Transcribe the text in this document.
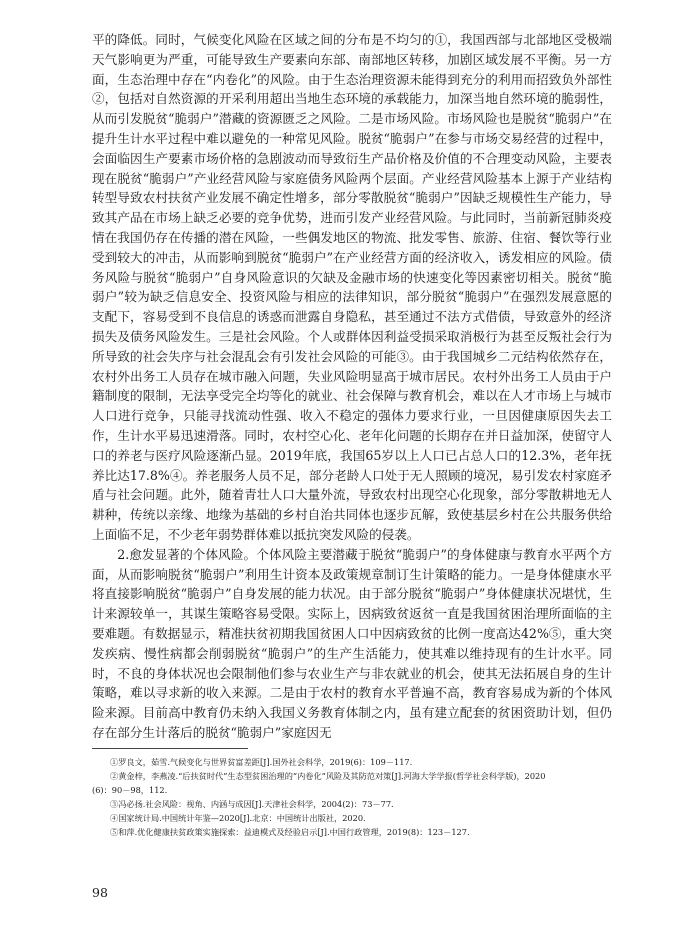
平的降低。同时，气候变化风险在区域之间的分布是不均匀的①，我国西部与北部地区受极端天气影响更为严重，可能导致生产要素向东部、南部地区转移，加剧区域发展不平衡。另一方面，生态治理中存在“内卷化”的风险。由于生态治理资源未能得到充分的利用而招致负外部性②，包括对自然资源的开采利用超出当地生态环境的承载能力，加深当地自然环境的脆弱性，从而引发脱贫“脆弱户”潜藏的资源匮乏之风险。二是市场风险。市场风险也是脱贫“脆弱户”在提升生计水平过程中难以避免的一种常见风险。脱贫“脆弱户”在参与市场交易经营的过程中，会面临因生产要素市场价格的急剧波动而导致衍生产品价格及价值的不合理变动风险，主要表现在脱贫“脆弱户”产业经营风险与家庭债务风险两个层面。产业经营风险基本上源于产业结构转型导致农村扶贫产业发展不确定性增多，部分零散脱贫“脆弱户”因缺乏规模性生产能力，导致其产品在市场上缺乏必要的竞争优势，进而引发产业经营风险。与此同时，当前新冠肺炎疫情在我国仍存在传播的潜在风险，一些偶发地区的物流、批发零售、旅游、住宿、餐饮等行业受到较大的冲击，从而影响到脱贫“脆弱户”在产业经营方面的经济收入，诱发相应的风险。债务风险与脱贫“脆弱户”自身风险意识的欠缺及金融市场的快速变化等因素密切相关。脱贫“脆弱户”较为缺乏信息安全、投资风险与相应的法律知识，部分脱贫“脆弱户”在强烈发展意愿的支配下，容易受到不良信息的诱惑而泄露自身隐私，甚至通过不法方式借债，导致意外的经济损失及债务风险发生。三是社会风险。个人或群体因利益受损采取消极行为甚至反叛社会行为所导致的社会失序与社会混乱会有引发社会风险的可能③。由于我国城乡二元结构依然存在，农村外出务工人员存在城市融入问题，失业风险明显高于城市居民。农村外出务工人员由于户籍制度的限制，无法享受完全均等化的就业、社会保障与教育机会，难以在人才市场上与城市人口进行竞争，只能寻找流动性强、收入不稳定的强体力要求行业，一旦因健康原因失去工作，生计水平易迅速滑落。同时，农村空心化、老年化问题的长期存在并日益加深，使留守人口的养老与医疗风险逐渐凸显。2019年底，我国65岁以上人口已占总人口的12.3%，老年抚养比达17.8%④。养老服务人员不足，部分老龄人口处于无人照顾的境况，易引发农村家庭矛盾与社会问题。此外，随着青壮人口大量外流，导致农村出现空心化现象，部分零散耕地无人耕种，传统以亲缘、地缘为基础的乡村自治共同体也逐步瓦解，致使基层乡村在公共服务供给上面临不足，不少老年弱势群体难以抵抗突发风险的侵袭。

2.愈发显著的个体风险。个体风险主要潜藏于脱贫“脆弱户”的身体健康与教育水平两个方面，从而影响脱贫“脆弱户”利用生计资本及政策规章制订生计策略的能力。一是身体健康水平将直接影响脱贫“脆弱户”自身发展的能力状况。由于部分脱贫“脆弱户”身体健康状况堪忧，生计来源较单一，其谋生策略容易受限。实际上，因病致贫返贫一直是我国贫困治理所面临的主要难题。有数据显示，精准扶贫初期我国贫困人口中因病致贫的比例一度高达42%⑤，重大突发疾病、慢性病都会削弱脱贫“脆弱户”的生产生活能力，使其难以维持现有的生计水平。同时，不良的身体状况也会限制他们参与农业生产与非农就业的机会，使其无法拓展自身的生计策略，难以寻求新的收入来源。二是由于农村的教育水平普遍不高，教育容易成为新的个体风险来源。目前高中教育仍未纳入我国义务教育体制之内，虽有建立配套的贫困资助计划，但仍存在部分生计落后的脱贫“脆弱户”家庭因无

①罗良文，茹雪.气候变化与世界贫富差距[J].国外社会科学，2019(6)：109－117.

②黄金梓，李燕凌.“后扶贫时代”生态型贫困治理的“内卷化”风险及其防范对策[J].河海大学学报(哲学社会科学版)，2020

(6)：90－98，112.

③冯必扬.社会风险：视角、内涵与成因[J].天津社会科学，2004(2)：73－77.

④国家统计局.中国统计年鉴—2020[J].北京：中国统计出版社，2020.

⑤和萍.优化健康扶贫政策实施探索：益迪模式及经验启示[J].中国行政管理，2019(8)：123－127.

98
